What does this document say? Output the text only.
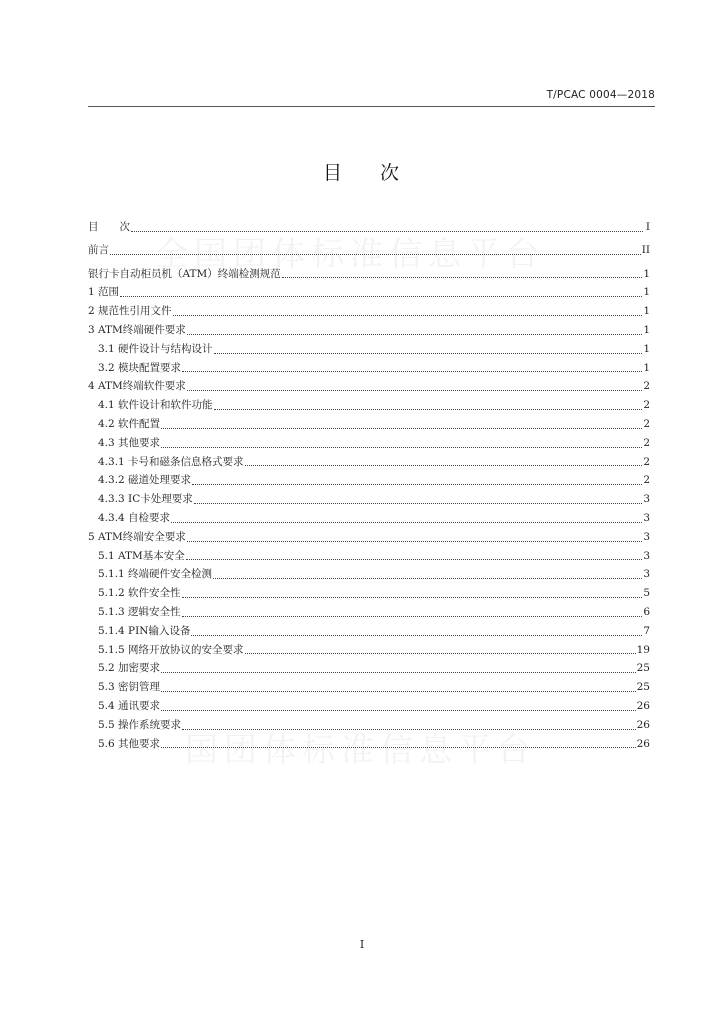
T/PCAC 0004—2018
全国团体标准信息平台
国团体标准信息平台
目 次
目　　次	I
前言	II
银行卡自动柜员机（ATM）终端检测规范	1
1 范围	1
2 规范性引用文件	1
3 ATM终端硬件要求	1
3.1 硬件设计与结构设计	1
3.2 模块配置要求	1
4 ATM终端软件要求	2
4.1 软件设计和软件功能	2
4.2 软件配置	2
4.3 其他要求	2
4.3.1 卡号和磁条信息格式要求	2
4.3.2 磁道处理要求	2
4.3.3 IC卡处理要求	3
4.3.4 自检要求	3
5 ATM终端安全要求	3
5.1 ATM基本安全	3
5.1.1 终端硬件安全检测	3
5.1.2 软件安全性	5
5.1.3 逻辑安全性	6
5.1.4 PIN输入设备	7
5.1.5 网络开放协议的安全要求	19
5.2 加密要求	25
5.3 密钥管理	25
5.4 通讯要求	26
5.5 操作系统要求	26
5.6 其他要求	26
I
